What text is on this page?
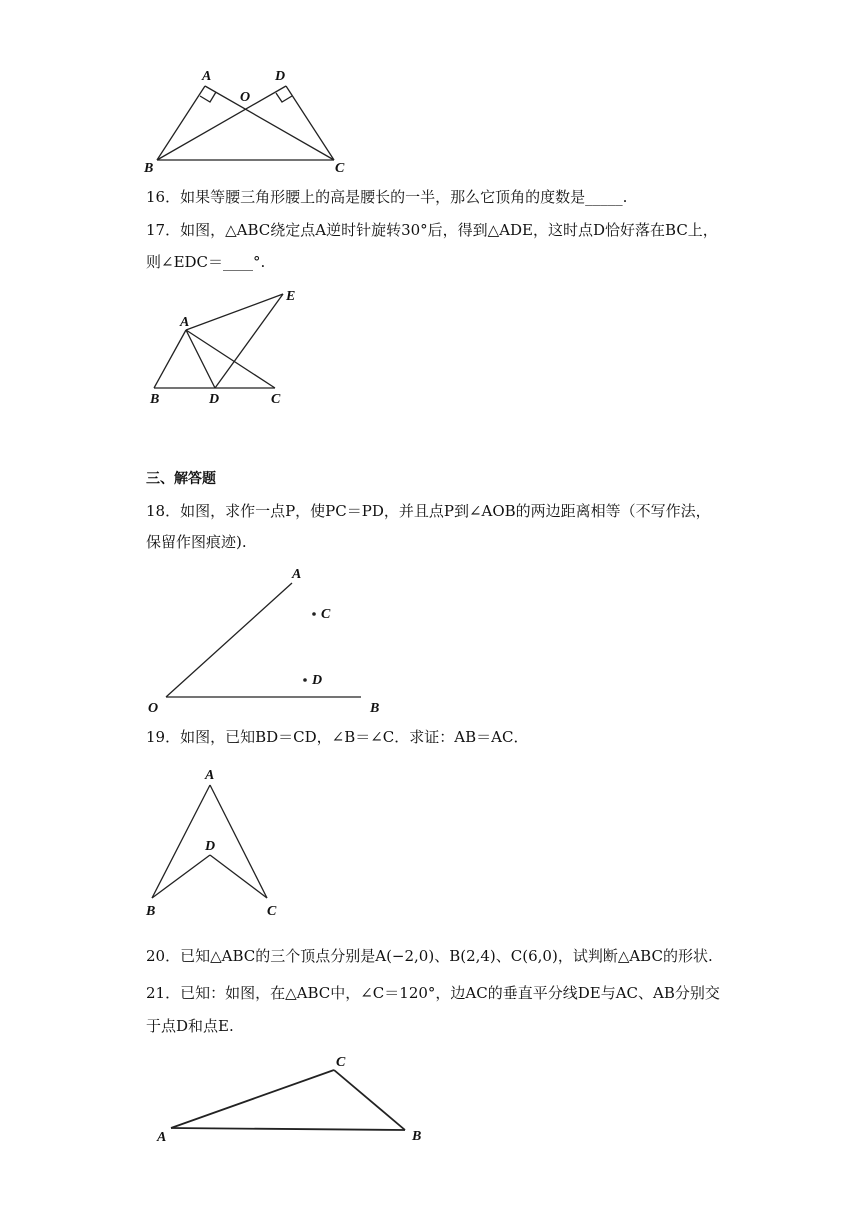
A	D
O
B	C
16．如果等腰三角形腰上的高是腰长的一半，那么它顶角的度数是_____.
17．如图，△ABC绕定点A逆时针旋转30°后，得到△ADE，这时点D恰好落在BC上，
则∠EDC＝____°.
A
E
B	D	C
三、解答题
18．如图，求作一点P，使PC＝PD，并且点P到∠AOB的两边距离相等（不写作法，
保留作图痕迹).
A
C
D
O	B
19．如图，已知BD＝CD，∠B＝∠C．求证：AB＝AC．
A
D
B	C
20．已知△ABC的三个顶点分别是A(−2,0)、B(2,4)、C(6,0)，试判断△ABC的形状.
21．已知：如图，在△ABC中，∠C＝120°，边AC的垂直平分线DE与AC、AB分别交
于点D和点E.
C
A	B
